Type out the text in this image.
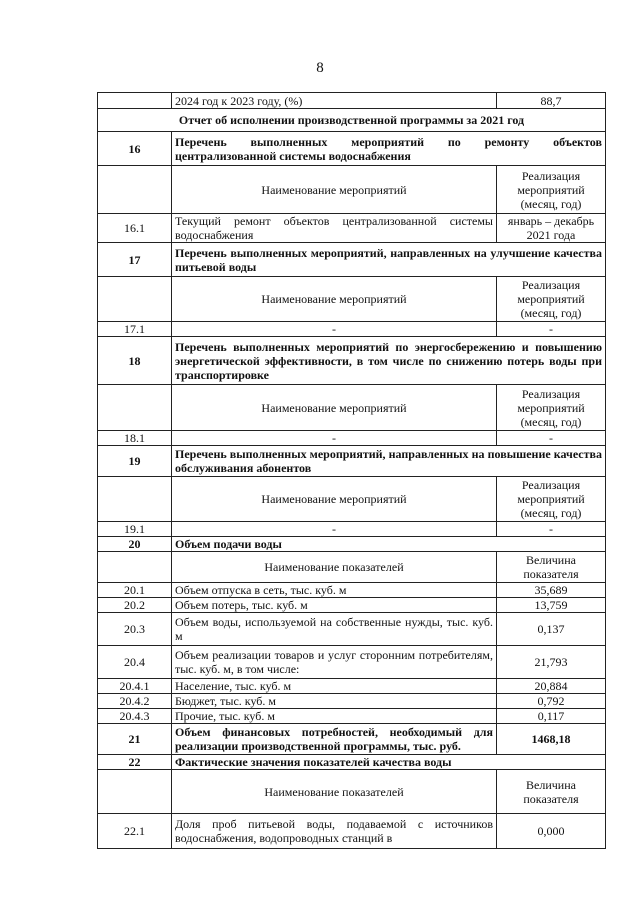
8
	2024 год к 2023 году, (%)	88,7
Отчет об исполнении производственной программы за 2021 год		
16	Перечень выполненных мероприятий по ремонту объектов централизованной системы водоснабжения	
	Наименование мероприятий	Реализация мероприятий (месяц, год)
16.1	Текущий ремонт объектов централизованной системы водоснабжения	январь – декабрь 2021 года
17	Перечень выполненных мероприятий, направленных на улучшение качества питьевой воды	
	Наименование мероприятий	Реализация мероприятий (месяц, год)
17.1	-	-
18	Перечень выполненных мероприятий по энергосбережению и повышению энергетической эффективности, в том числе по снижению потерь воды при транспортировке	
	Наименование мероприятий	Реализация мероприятий (месяц, год)
18.1	-	-
19	Перечень выполненных мероприятий, направленных на повышение качества обслуживания абонентов	
	Наименование мероприятий	Реализация мероприятий (месяц, год)
19.1	-	-
20	Объем подачи воды	
	Наименование показателей	Величина показателя
20.1	Объем отпуска в сеть, тыс. куб. м	35,689
20.2	Объем потерь, тыс. куб. м	13,759
20.3	Объем воды, используемой на собственные нужды, тыс. куб. м	0,137
20.4	Объем реализации товаров и услуг сторонним потребителям, тыс. куб. м, в том числе:	21,793
20.4.1	Население, тыс. куб. м	20,884
20.4.2	Бюджет, тыс. куб. м	0,792
20.4.3	Прочие, тыс. куб. м	0,117
21	Объем финансовых потребностей, необходимый для реализации производственной программы, тыс. руб.	1468,18
22	Фактические значения показателей качества воды	
	Наименование показателей	Величина показателя
22.1	Доля проб питьевой воды, подаваемой с источников водоснабжения, водопроводных станций в	0,000
